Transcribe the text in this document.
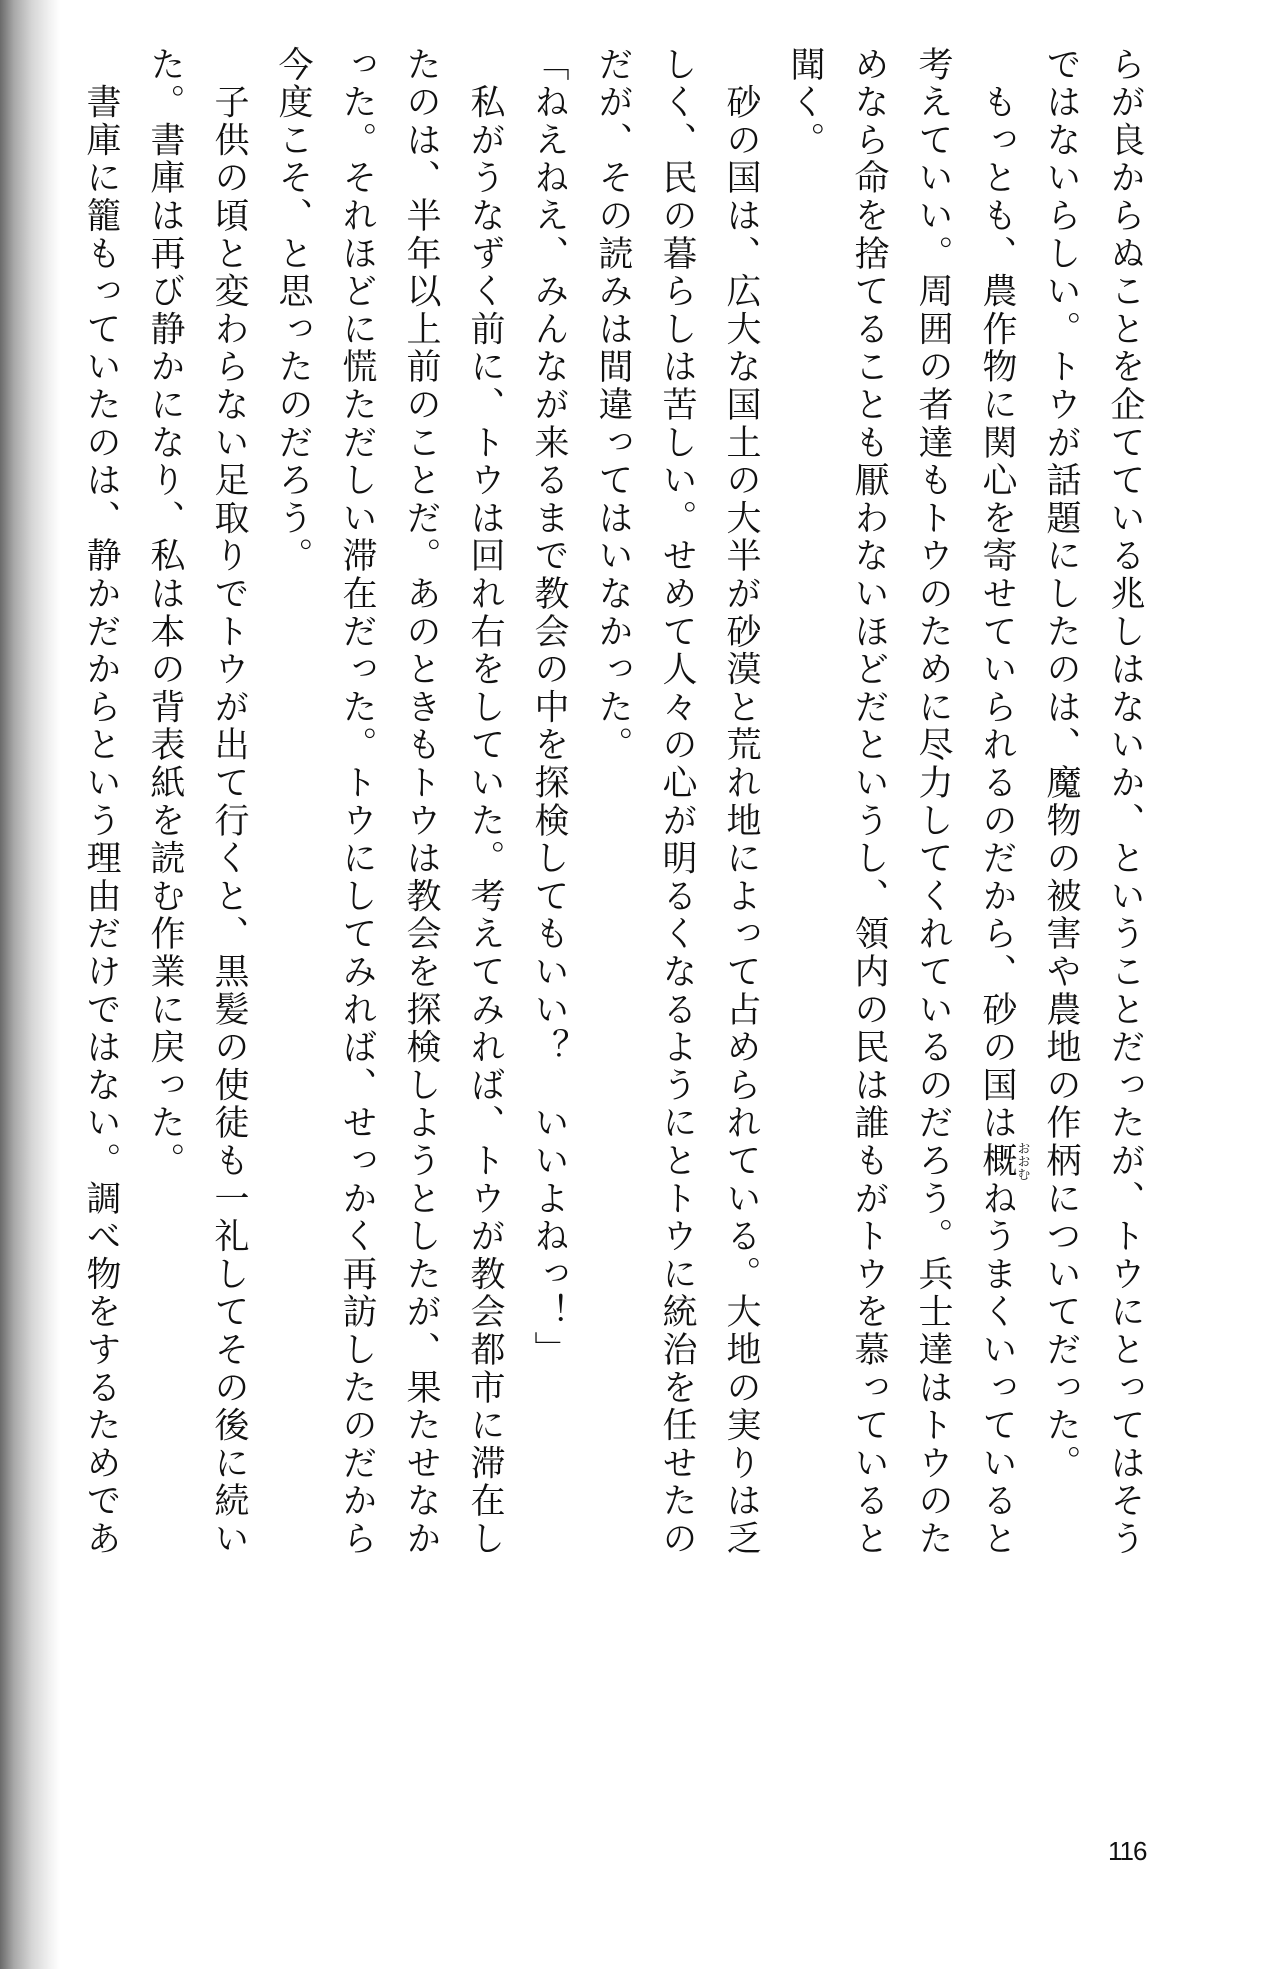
らが良からぬことを企てている兆しはないか、ということだったが、トウにとってはそう
ではないらしい。トウが話題にしたのは、魔物の被害や農地の作柄についてだった。
　もっとも、農作物に関心を寄せていられるのだから、砂の国は概おおむねうまくいっていると
考えていい。周囲の者達もトウのために尽力してくれているのだろう。兵士達はトウのた
めなら命を捨てることも厭わないほどだというし、領内の民は誰もがトウを慕っていると
聞く。
　砂の国は、広大な国土の大半が砂漠と荒れ地によって占められている。大地の実りは乏
しく、民の暮らしは苦しい。せめて人々の心が明るくなるようにとトウに統治を任せたの
だが、その読みは間違ってはいなかった。
「ねえねえ、みんなが来るまで教会の中を探検してもいい？　いいよねっ！」
　私がうなずく前に、トウは回れ右をしていた。考えてみれば、トウが教会都市に滞在し
たのは、半年以上前のことだ。あのときもトウは教会を探検しようとしたが、果たせなか
った。それほどに慌ただしい滞在だった。トウにしてみれば、せっかく再訪したのだから
今度こそ、と思ったのだろう。
　子供の頃と変わらない足取りでトウが出て行くと、黒髪の使徒も一礼してその後に続い
た。書庫は再び静かになり、私は本の背表紙を読む作業に戻った。
　書庫に籠もっていたのは、静かだからという理由だけではない。調べ物をするためであ
116
